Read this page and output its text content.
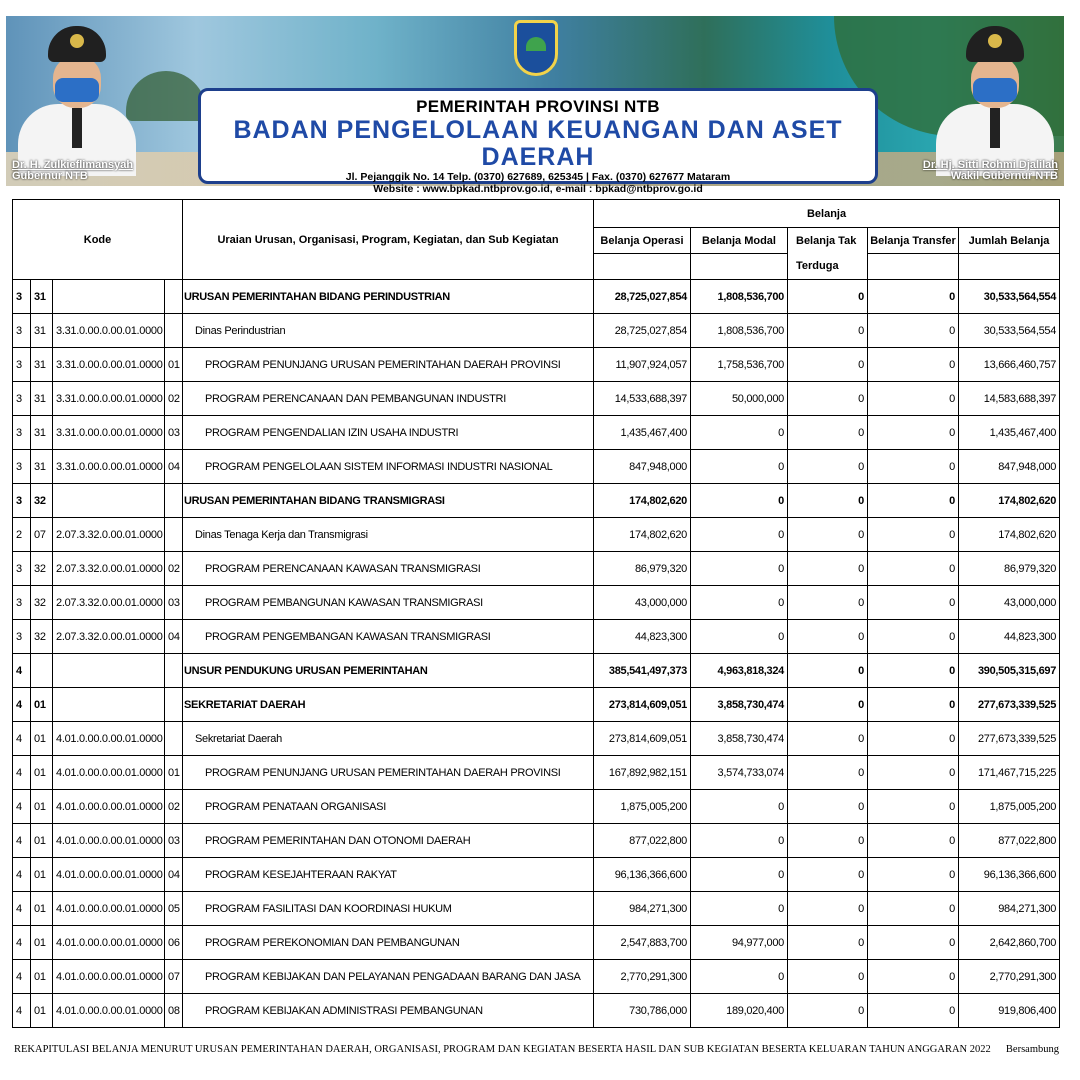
Dr. H. Zulkieflimansyah
Gubernur NTB
Dr. Hj. Sitti Rohmi Djalilah
Wakil Gubernur NTB
PEMERINTAH PROVINSI NTB
BADAN PENGELOLAAN KEUANGAN DAN ASET DAERAH
Jl. Pejanggik No. 14 Telp. (0370) 627689, 625345 | Fax. (0370) 627677 Mataram
Website : www.bpkad.ntbprov.go.id, e-mail : bpkad@ntbprov.go.id
Kode				Uraian Urusan, Organisasi, Program, Kegiatan, dan Sub Kegiatan	Belanja				
					Belanja Operasi	Belanja Modal	Belanja Tak Terduga	Belanja Transfer	Jumlah Belanja

3	31			URUSAN PEMERINTAHAN BIDANG PERINDUSTRIAN	28,725,027,854	1,808,536,700	0	0	30,533,564,554
3	31	3.31.0.00.0.00.01.0000		Dinas Perindustrian	28,725,027,854	1,808,536,700	0	0	30,533,564,554
3	31	3.31.0.00.0.00.01.0000	01	PROGRAM PENUNJANG URUSAN PEMERINTAHAN DAERAH PROVINSI	11,907,924,057	1,758,536,700	0	0	13,666,460,757
3	31	3.31.0.00.0.00.01.0000	02	PROGRAM PERENCANAAN DAN PEMBANGUNAN INDUSTRI	14,533,688,397	50,000,000	0	0	14,583,688,397
3	31	3.31.0.00.0.00.01.0000	03	PROGRAM PENGENDALIAN IZIN USAHA INDUSTRI	1,435,467,400	0	0	0	1,435,467,400
3	31	3.31.0.00.0.00.01.0000	04	PROGRAM PENGELOLAAN SISTEM INFORMASI INDUSTRI NASIONAL	847,948,000	0	0	0	847,948,000
3	32			URUSAN PEMERINTAHAN BIDANG TRANSMIGRASI	174,802,620	0	0	0	174,802,620
2	07	2.07.3.32.0.00.01.0000		Dinas Tenaga Kerja dan Transmigrasi	174,802,620	0	0	0	174,802,620
3	32	2.07.3.32.0.00.01.0000	02	PROGRAM PERENCANAAN KAWASAN TRANSMIGRASI	86,979,320	0	0	0	86,979,320
3	32	2.07.3.32.0.00.01.0000	03	PROGRAM PEMBANGUNAN KAWASAN TRANSMIGRASI	43,000,000	0	0	0	43,000,000
3	32	2.07.3.32.0.00.01.0000	04	PROGRAM PENGEMBANGAN KAWASAN TRANSMIGRASI	44,823,300	0	0	0	44,823,300
4				UNSUR PENDUKUNG URUSAN PEMERINTAHAN	385,541,497,373	4,963,818,324	0	0	390,505,315,697
4	01			SEKRETARIAT DAERAH	273,814,609,051	3,858,730,474	0	0	277,673,339,525
4	01	4.01.0.00.0.00.01.0000		Sekretariat Daerah	273,814,609,051	3,858,730,474	0	0	277,673,339,525
4	01	4.01.0.00.0.00.01.0000	01	PROGRAM PENUNJANG URUSAN PEMERINTAHAN DAERAH PROVINSI	167,892,982,151	3,574,733,074	0	0	171,467,715,225
4	01	4.01.0.00.0.00.01.0000	02	PROGRAM PENATAAN ORGANISASI	1,875,005,200	0	0	0	1,875,005,200
4	01	4.01.0.00.0.00.01.0000	03	PROGRAM PEMERINTAHAN DAN OTONOMI DAERAH	877,022,800	0	0	0	877,022,800
4	01	4.01.0.00.0.00.01.0000	04	PROGRAM KESEJAHTERAAN RAKYAT	96,136,366,600	0	0	0	96,136,366,600
4	01	4.01.0.00.0.00.01.0000	05	PROGRAM FASILITASI DAN KOORDINASI HUKUM	984,271,300	0	0	0	984,271,300
4	01	4.01.0.00.0.00.01.0000	06	PROGRAM PEREKONOMIAN DAN PEMBANGUNAN	2,547,883,700	94,977,000	0	0	2,642,860,700
4	01	4.01.0.00.0.00.01.0000	07	PROGRAM KEBIJAKAN DAN PELAYANAN PENGADAAN BARANG DAN JASA	2,770,291,300	0	0	0	2,770,291,300
4	01	4.01.0.00.0.00.01.0000	08	PROGRAM KEBIJAKAN ADMINISTRASI PEMBANGUNAN	730,786,000	189,020,400	0	0	919,806,400
REKAPITULASI BELANJA MENURUT URUSAN PEMERINTAHAN DAERAH, ORGANISASI, PROGRAM DAN KEGIATAN BESERTA HASIL DAN SUB KEGIATAN BESERTA KELUARAN TAHUN ANGGARAN 2022 Bersambung
